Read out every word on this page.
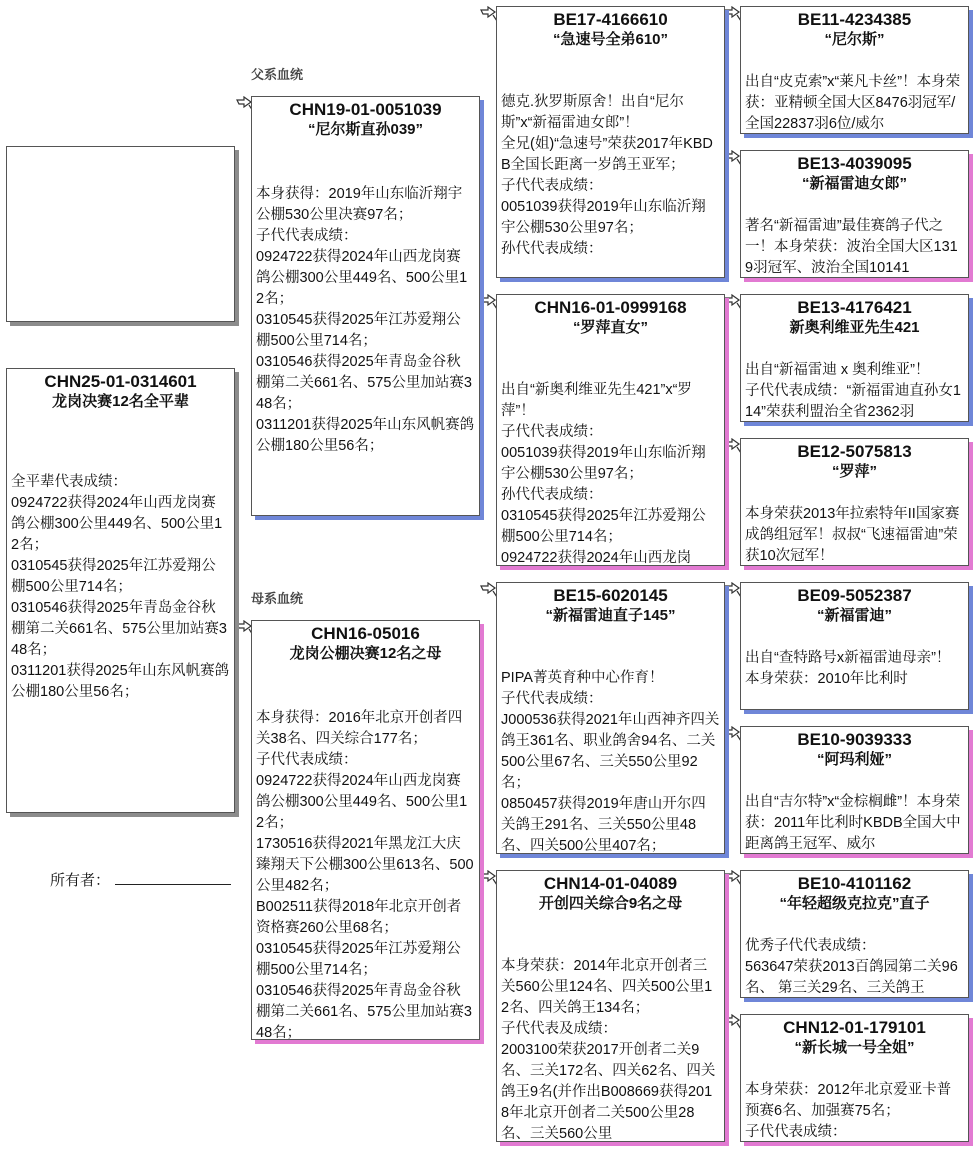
父系血统
母系血统
所有者：
CHN25-01-0314601
龙岗决赛12名全平辈
全平辈代表成绩：
0924722获得2024年山西龙岗赛鸽公棚300公里449名、500公里12名；
0310545获得2025年江苏爱翔公棚500公里714名；
0310546获得2025年青岛金谷秋棚第二关661名、575公里加站赛348名；
0311201获得2025年山东风帆赛鸽公棚180公里56名；
CHN19-01-0051039
“尼尔斯直孙039”
本身获得：2019年山东临沂翔宇公棚530公里决赛97名；
子代代表成绩：
0924722获得2024年山西龙岗赛鸽公棚300公里449名、500公里12名；
0310545获得2025年江苏爱翔公棚500公里714名；
0310546获得2025年青岛金谷秋棚第二关661名、575公里加站赛348名；
0311201获得2025年山东风帆赛鸽公棚180公里56名；
CHN16-05016
龙岗公棚决赛12名之母
本身获得：2016年北京开创者四关38名、四关综合177名；
子代代表成绩：
0924722获得2024年山西龙岗赛鸽公棚300公里449名、500公里12名；
1730516获得2021年黑龙江大庆臻翔天下公棚300公里613名、500公里482名；
B002511获得2018年北京开创者资格赛260公里68名；
0310545获得2025年江苏爱翔公棚500公里714名；
0310546获得2025年青岛金谷秋棚第二关661名、575公里加站赛348名；
BE17-4166610
“急速号全弟610”
德克.狄罗斯原舍！出自“尼尔斯”x“新福雷迪女郎”！
全兄(姐)“急速号”荣获2017年KBDB全国长距离一岁鸽王亚军；
子代代表成绩：
0051039获得2019年山东临沂翔宇公棚530公里97名；
孙代代表成绩：
CHN16-01-0999168
“罗萍直女”
出自“新奥利维亚先生421”x“罗萍”！
子代代表成绩：
0051039获得2019年山东临沂翔宇公棚530公里97名；
孙代代表成绩：
0310545获得2025年江苏爱翔公棚500公里714名；
0924722获得2024年山西龙岗
BE15-6020145
“新福雷迪直子145”
PIPA菁英育种中心作育！
子代代表成绩：
J000536获得2021年山西神齐四关鸽王361名、职业鸽舍94名、二关500公里67名、三关550公里92名；
0850457获得2019年唐山开尔四关鸽王291名、三关550公里48名、四关500公里407名；
CHN14-01-04089
开创四关综合9名之母
本身荣获：2014年北京开创者三关560公里124名、四关500公里12名、四关鸽王134名；
子代代表及成绩：
2003100荣获2017开创者二关9名、三关172名、四关62名、四关鸽王9名(并作出B008669获得2018年北京开创者二关500公里28名、三关560公里
BE11-4234385
“尼尔斯”
出自“皮克索”x“莱凡卡丝”！本身荣获：亚精顿全国大区8476羽冠军/全国22837羽6位/威尔
BE13-4039095
“新福雷迪女郎”
著名“新福雷迪”最佳赛鸽子代之一！本身荣获：波治全国大区1319羽冠军、波治全国10141
BE13-4176421
新奥利维亚先生421
出自“新福雷迪 x 奥利维亚”！
子代代表成绩：“新福雷迪直孙女114”荣获利盟治全省2362羽
BE12-5075813
“罗萍”
本身荣获2013年拉索特年II国家赛成鸽组冠军！叔叔“飞速福雷迪”荣获10次冠军！
BE09-5052387
“新福雷迪”
出自“查特路号x新福雷迪母亲”！
本身荣获：2010年比利时
BE10-9039333
“阿玛利娅”
出自“吉尔特”x“金棕榈雌”！本身荣获：2011年比利时KBDB全国大中距离鸽王冠军、威尔
BE10-4101162
“年轻超级克拉克”直子
优秀子代代表成绩：
563647荣获2013百鸽园第二关96名、 第三关29名、三关鸽王
CHN12-01-179101
“新长城一号全姐”
本身荣获：2012年北京爱亚卡普预赛6名、加强赛75名；
子代代表成绩：
